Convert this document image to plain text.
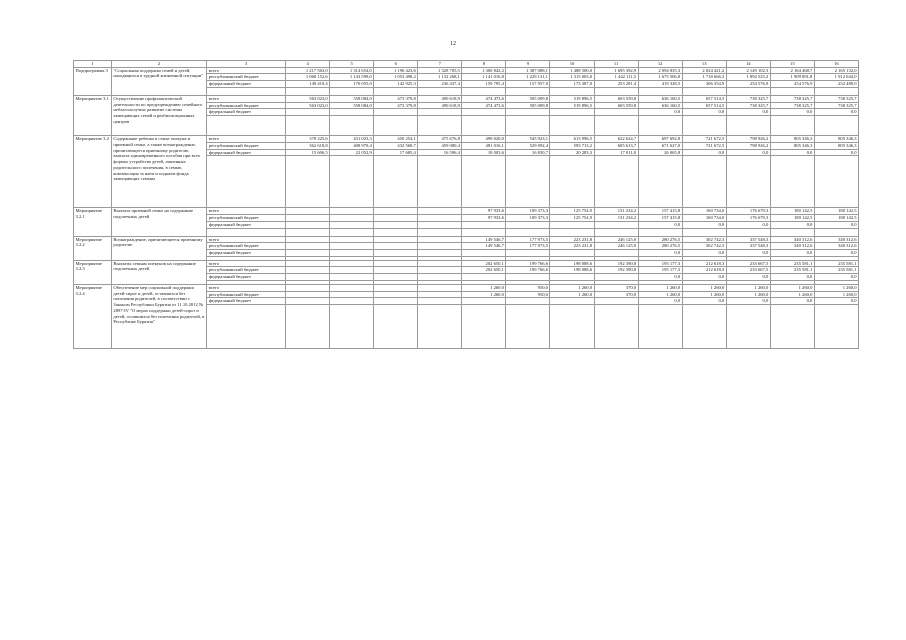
12
1	2	3	4	5	6	7	8	9	10	11	12	13	14	15	16
Подпрограмма 3	"Социальная поддержка семей и детей, находящихся в трудной жизненной ситуации"	всего	1 217 563,0	1 314 654,0	1 196 423,6	1 328 705,5	1 300 842,2	1 387 088,1	1 488 500,0	1 695 392,9	2 094 835,3	2 024 421,2	2 149 102,3	2 164 468,7	2 165 132,0
		республиканский бюджет	1 068 152,6	1 143 599,0	1 053 498,2	1 132 268,1	1 141 016,8	1 229 131,1	1 315 003,0	1 442 111,5	1 675 506,8	1 718 666,3	1 894 525,2	1 909 891,8	1 912 644,0
		федеральный бюджет	149 410,4	170 055,0	142 925,3	236 437,4	159 795,4	157 957,0	173 387,0	253 281,4	419 328,5	306 354,9	254 576,9	254 576,9	252 488,0

Мероприятие 3.1	Осуществление профилактической деятельности по предупреждению семейного неблагополучия; развитие системы замещающих семей и реабилитационных центров	всего	563 023,0	558 084,0	473 379,8	490 618,9	474 473,6	505 009,8	519 896,5	603 559,8	636 160,5	657 514,5	738 325,7	738 325,7	738 325,7
		республиканский бюджет	563 023,0	558 084,0	473 379,8	490 618,9	474 473,6	505 009,8	519 896,5	603 559,8	636 160,5	657 514,5	738 325,7	738 325,7	738 325,7
		федеральный бюджет									0,0	0,0	0,0	0,0	0,0

Мероприятие 3.2	Содержание ребенка в семье опекуна и приемной семье, а также вознаграждение, причитающееся приемному родителю, выплата единовременного пособия при всех формах устройства детей, лишенных родительского попечения, в семью, компенсация за наем и поднаем фонда замещающих семьям	всего	378 225,6	431 023,3	450 254,1	475 676,8	499 020,0	545 923,1	613 996,5	622 624,7	697 692,8	721 672,5	798 926,2	805 346,3	805 346,3
		республиканский бюджет	362 618,8	408 970,4	432 568,7	459 080,4	481 016,1	529 092,4	593 713,2	605 613,7	671 627,0	721 672,5	798 926,2	805 346,3	805 346,3
		федеральный бюджет	15 606,5	22 052,9	17 685,4	16 596,4	18 003,6	16 830,7	20 283,3	17 011,0	26 065,8	0,0	0,0	0,0	0,0

Мероприятие 3.2.1	Выплата приемной семье на содержание подопечных детей	всего					97 933,6	109 373,3	125 754,9	131 234,2	157 415,8	160 734,0	176 679,3	180 142,5	180 142,5
		республиканский бюджет					97 933,6	109 373,3	125 754,9	131 234,2	157 415,8	160 734,0	176 679,3	180 142,5	180 142,5
		федеральный бюджет									0,0	0,0	0,0	0,0	0,0

Мероприятие 3.2.2	Вознаграждение, причитающееся приемному родителю	всего					149 546,7	177 973,5	223 231,8	246 125,0	280 276,5	302 742,3	337 548,3	340 312,6	340 312,6
		республиканский бюджет					149 546,7	177 973,5	223 231,8	246 125,0	280 276,5	302 742,3	337 548,3	340 312,6	340 312,6
		федеральный бюджет									0,0	0,0	0,0	0,0	0,0

Мероприятие 3.2.3	Выплаты семьям опекунов на содержание подопечных детей	всего					202 650,1	199 766,6	198 088,6	192 390,8	195 177,3	212 618,3	233 667,5	235 581,1	235 581,1
		республиканский бюджет					202 650,1	199 766,6	198 088,6	192 390,8	195 177,3	212 618,3	233 667,5	235 581,1	235 581,1
		федеральный бюджет									0,0	0,0	0,0	0,0	0,0

Мероприятие 3.2.4	Обеспечение мер социальной поддержки детей-сирот и детей, оставшихся без попечения родителей, в соответствии с Законом Республики Бурятия от 11.10.2012 № 2897-IV "О мерах поддержки детей-сирот и детей, оставшихся без попечения родителей, в Республике Бурятия"	всего					1 260,0	950,0	1 260,0	370,0	1 260,0	1 260,0	1 260,0	1 260,0	1 260,0
		республиканский бюджет					1 260,0	950,0	1 260,0	370,0	1 260,0	1 260,0	1 260,0	1 260,0	1 260,0
		федеральный бюджет									0,0	0,0	0,0	0,0	0,0
